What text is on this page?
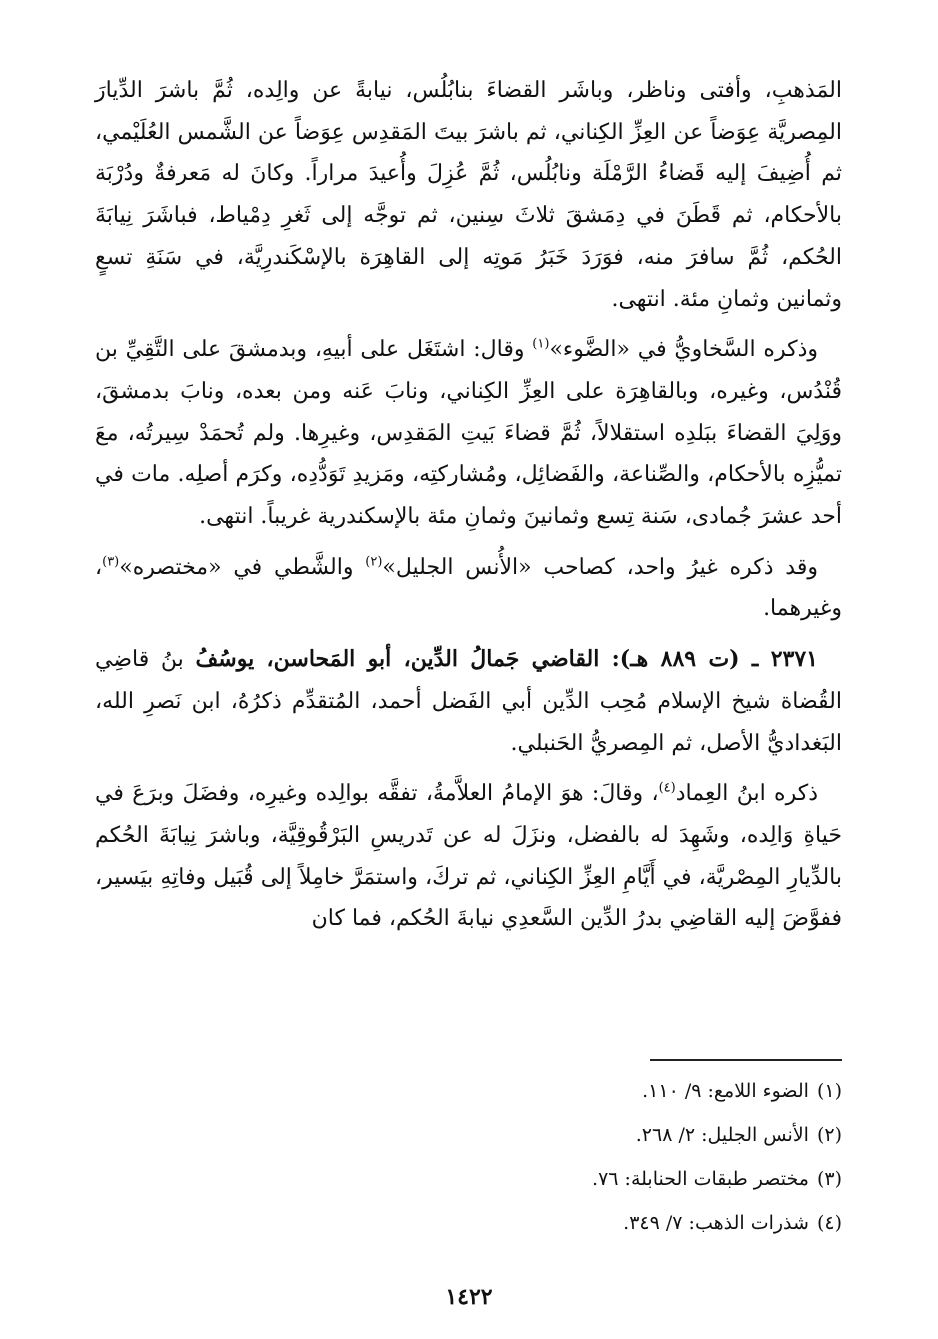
المَذهبِ، وأفتى وناظر، وباشَر القضاءَ بنابُلُس، نيابةً عن والِده، ثُمَّ باشرَ الدِّيارَ المِصريَّة عِوَضاً عن العِزِّ الكِناني، ثم باشرَ بيتَ المَقدِس عِوَضاً عن الشَّمس العُلَيْمي، ثم أُضِيفَ إليه قَضاءُ الرَّمْلَة ونابُلُس، ثُمَّ عُزِلَ وأُعيدَ مراراً. وكانَ له مَعرفةٌ ودُرْبَة بالأحكام، ثم قَطَنَ في دِمَشقَ ثلاثَ سِنين، ثم توجَّه إلى ثَغرِ دِمْياط، فباشَرَ نِيابَةَ الحُكم، ثُمَّ سافرَ منه، فوَرَدَ خَبَرُ مَوتِه إلى القاهِرَة بالإسْكَندرِيَّة، في سَنَةِ تسعٍ وثمانين وثمانِ مئة. انتهى.

وذكره السَّخاويُّ في «الضَّوء»$^{(١)}$ وقال: اشتَغَل على أبيهِ، وبدمشقَ على التَّقِيِّ بن قُنْدُس، وغيره، وبالقاهِرَة على العِزِّ الكِناني، ونابَ عَنه ومن بعده، ونابَ بدمشقَ، ووَلِيَ القضاءَ ببَلدِه استقلالاً، ثُمَّ قضاءَ بَيتِ المَقدِس، وغيرِها. ولم تُحمَدْ سِيرتُه، معَ تميُّزِه بالأحكام، والصِّناعة، والفَضائِل، ومُشاركتِه، ومَزيدِ تَوَدُّدِه، وكرَم أصلِه. مات في أحد عشرَ جُمادى، سَنة تِسع وثمانينَ وثمانِ مئة بالإسكندرية غريباً. انتهى.

وقد ذكره غيرُ واحد، كصاحب «الأُنس الجليل»$^{(٢)}$ والشَّطي في «مختصره»$^{(٣)}$، وغيرهما.

٢٣٧١ ـ (ت ٨٨٩ هـ): القاضي جَمالُ الدِّين، أبو المَحاسن، يوسُفُ بنُ قاضِي القُضاة شيخ الإسلام مُحِب الدِّين أبي الفَضل أحمد، المُتقدِّم ذكرُهُ، ابن نَصرِ الله، البَغداديُّ الأصل، ثم المِصريُّ الحَنبلي.

ذكره ابنُ العِماد$^{(٤)}$، وقالَ: هوَ الإمامُ العلاَّمةُ، تفقَّه بوالِده وغيرِه، وفضَلَ وبرَعَ في حَياةِ وَالِده، وشَهِدَ له بالفضل، ونزَلَ له عن تَدريسِ البَرْقُوقِيَّة، وباشرَ نِيابَةَ الحُكم بالدِّيارِ المِصْريَّة، في أَيَّامِ العِزِّ الكِناني، ثم تركَ، واستمَرَّ خامِلاً إلى قُبَيل وفاتِهِ بيَسير، ففوَّضَ إليه القاضِي بدرُ الدِّين السَّعدِي نيابةَ الحُكم، فما كان

(١)الضوء اللامع: ٩/ ١١٠.
(٢)الأنس الجليل: ٢/ ٢٦٨.
(٣)مختصر طبقات الحنابلة: ٧٦.
(٤)شذرات الذهب: ٧/ ٣٤٩.
١٤٢٢
